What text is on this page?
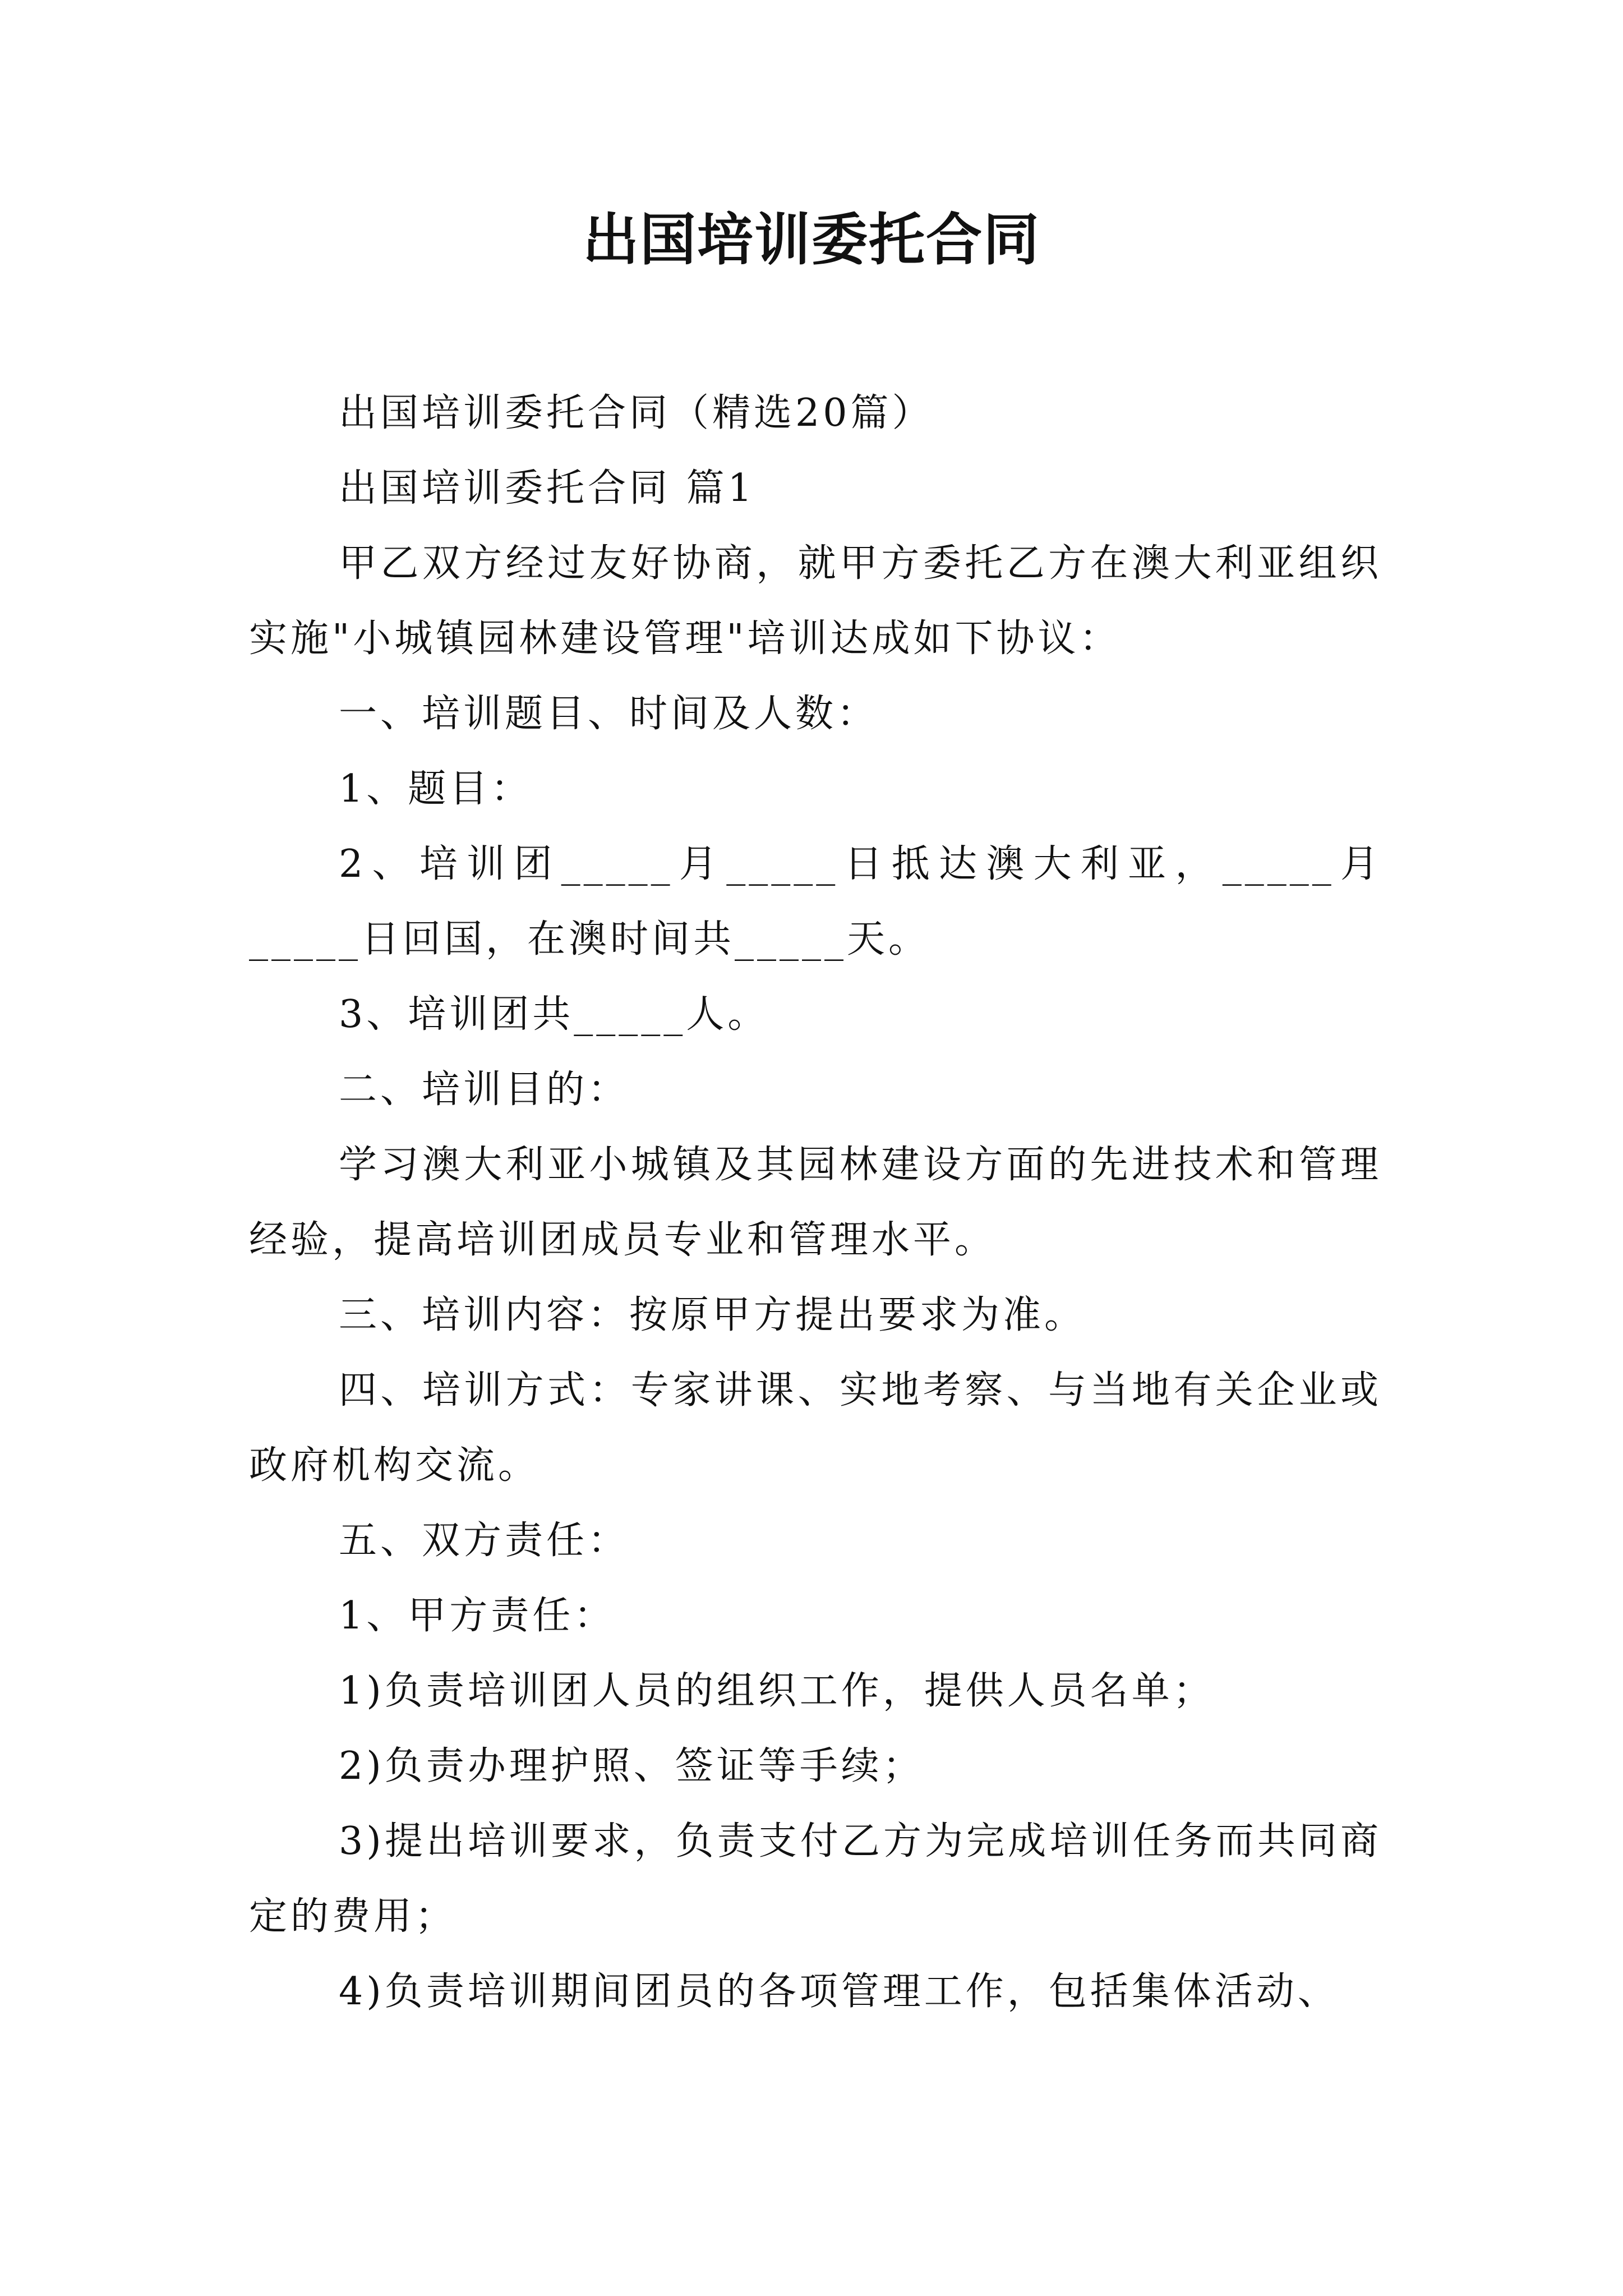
出国培训委托合同

出国培训委托合同（精选20篇）

出国培训委托合同 篇1

甲乙双方经过友好协商，就甲方委托乙方在澳大利亚组织实施"小城镇园林建设管理"培训达成如下协议：

一、培训题目、时间及人数：

1、题目：

2、培训团_____月_____日抵达澳大利亚，_____月_____日回国，在澳时间共_____天。

3、培训团共_____人。

二、培训目的：

学习澳大利亚小城镇及其园林建设方面的先进技术和管理经验，提高培训团成员专业和管理水平。

三、培训内容：按原甲方提出要求为准。

四、培训方式：专家讲课、实地考察、与当地有关企业或政府机构交流。

五、双方责任：

1、甲方责任：

1)负责培训团人员的组织工作，提供人员名单；

2)负责办理护照、签证等手续；

3)提出培训要求，负责支付乙方为完成培训任务而共同商定的费用；

4)负责培训期间团员的各项管理工作，包括集体活动、
